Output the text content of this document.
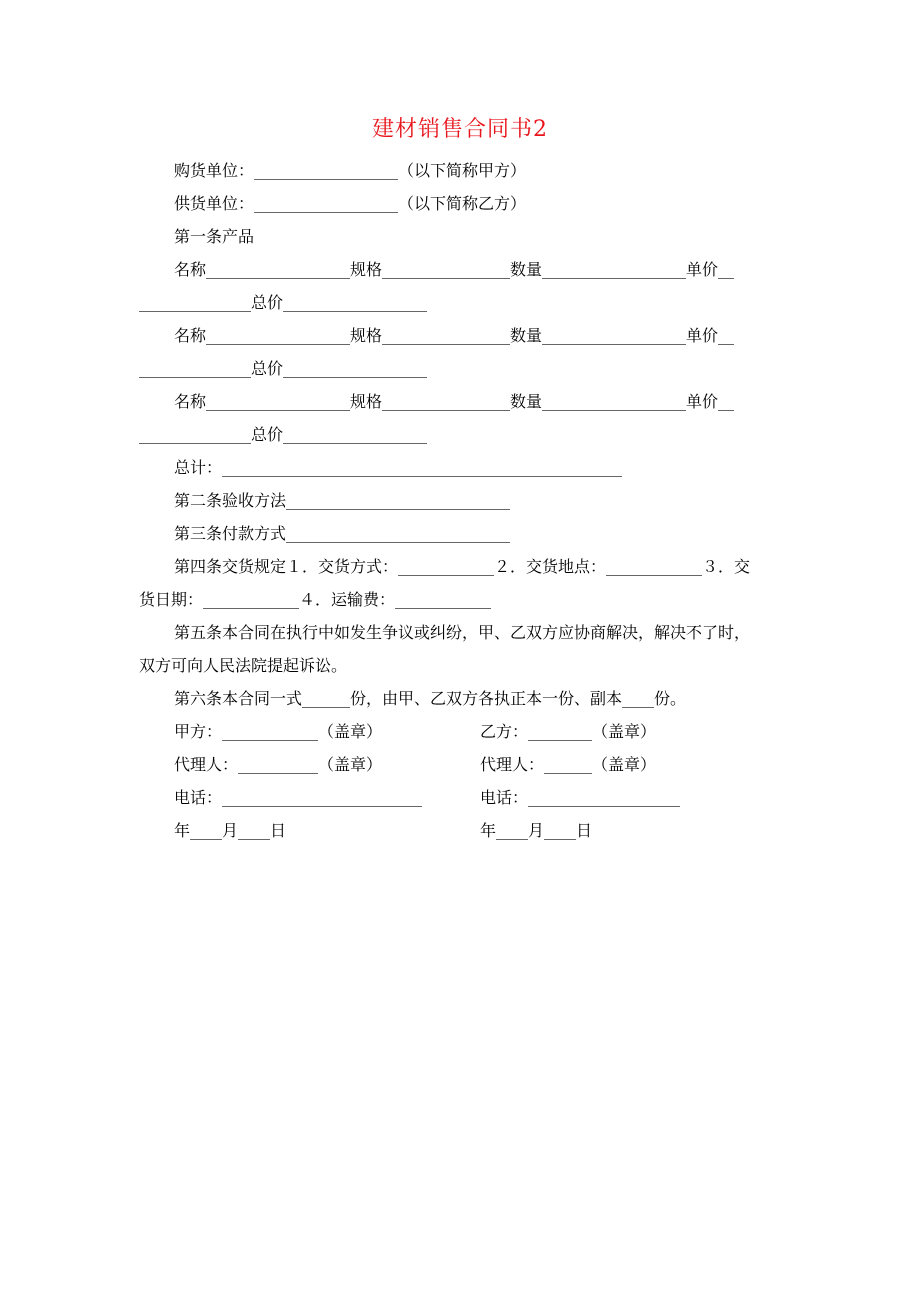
建材销售合同书2
购货单位：__________________（以下简称甲方）
供货单位：__________________（以下简称乙方）
第一条产品
名称__________________规格________________数量__________________单价__
______________总价__________________
名称__________________规格________________数量__________________单价__
______________总价__________________
名称__________________规格________________数量__________________单价__
______________总价__________________
总计：__________________________________________________
第二条验收方法____________________________
第三条付款方式____________________________
第四条交货规定１．交货方式：____________２．交货地点：____________３．交
货日期：____________４．运输费：____________
第五条本合同在执行中如发生争议或纠纷，甲、乙双方应协商解决，解决不了时，
双方可向人民法院提起诉讼。
第六条本合同一式______份，由甲、乙双方各执正本一份、副本____份。
甲方：____________（盖章）	乙方：________（盖章）
代理人：__________（盖章）	代理人：______（盖章）
电话：_________________________	电话：___________________
年____月____日	年____月____日
